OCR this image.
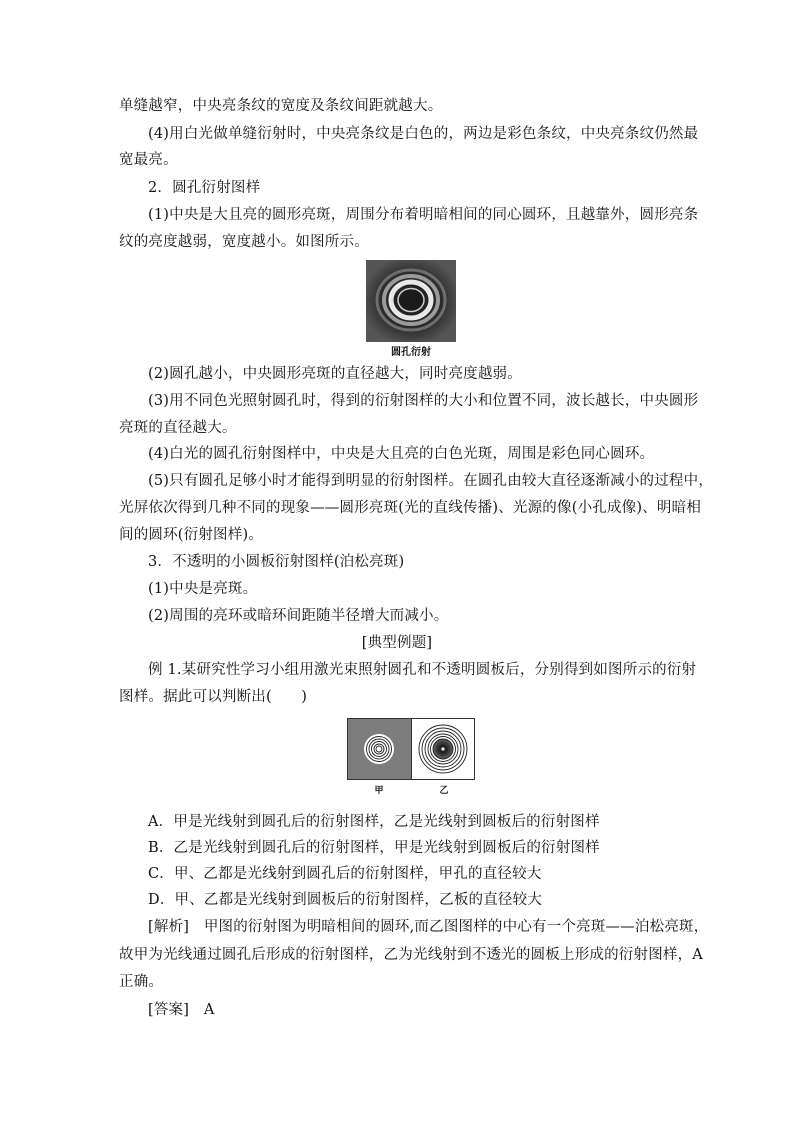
单缝越窄，中央亮条纹的宽度及条纹间距就越大。
(4)用白光做单缝衍射时，中央亮条纹是白色的，两边是彩色条纹，中央亮条纹仍然最
宽最亮。
2．圆孔衍射图样
(1)中央是大且亮的圆形亮斑，周围分布着明暗相间的同心圆环，且越靠外，圆形亮条
纹的亮度越弱，宽度越小。如图所示。
圆孔衍射
(2)圆孔越小，中央圆形亮斑的直径越大，同时亮度越弱。
(3)用不同色光照射圆孔时，得到的衍射图样的大小和位置不同，波长越长，中央圆形
亮斑的直径越大。
(4)白光的圆孔衍射图样中，中央是大且亮的白色光斑，周围是彩色同心圆环。
(5)只有圆孔足够小时才能得到明显的衍射图样。在圆孔由较大直径逐渐减小的过程中，
光屏依次得到几种不同的现象——圆形亮斑(光的直线传播)、光源的像(小孔成像)、明暗相
间的圆环(衍射图样)。
3．不透明的小圆板衍射图样(泊松亮斑)
(1)中央是亮斑。
(2)周围的亮环或暗环间距随半径增大而减小。
[典型例题]
例 1.某研究性学习小组用激光束照射圆孔和不透明圆板后，分别得到如图所示的衍射
图样。据此可以判断出(　　)
甲	乙
A．甲是光线射到圆孔后的衍射图样，乙是光线射到圆板后的衍射图样
B．乙是光线射到圆孔后的衍射图样，甲是光线射到圆板后的衍射图样
C．甲、乙都是光线射到圆孔后的衍射图样，甲孔的直径较大
D．甲、乙都是光线射到圆板后的衍射图样，乙板的直径较大
[解析]　甲图的衍射图为明暗相间的圆环,而乙图图样的中心有一个亮斑——泊松亮斑，
故甲为光线通过圆孔后形成的衍射图样，乙为光线射到不透光的圆板上形成的衍射图样，A
正确。
[答案]　A
